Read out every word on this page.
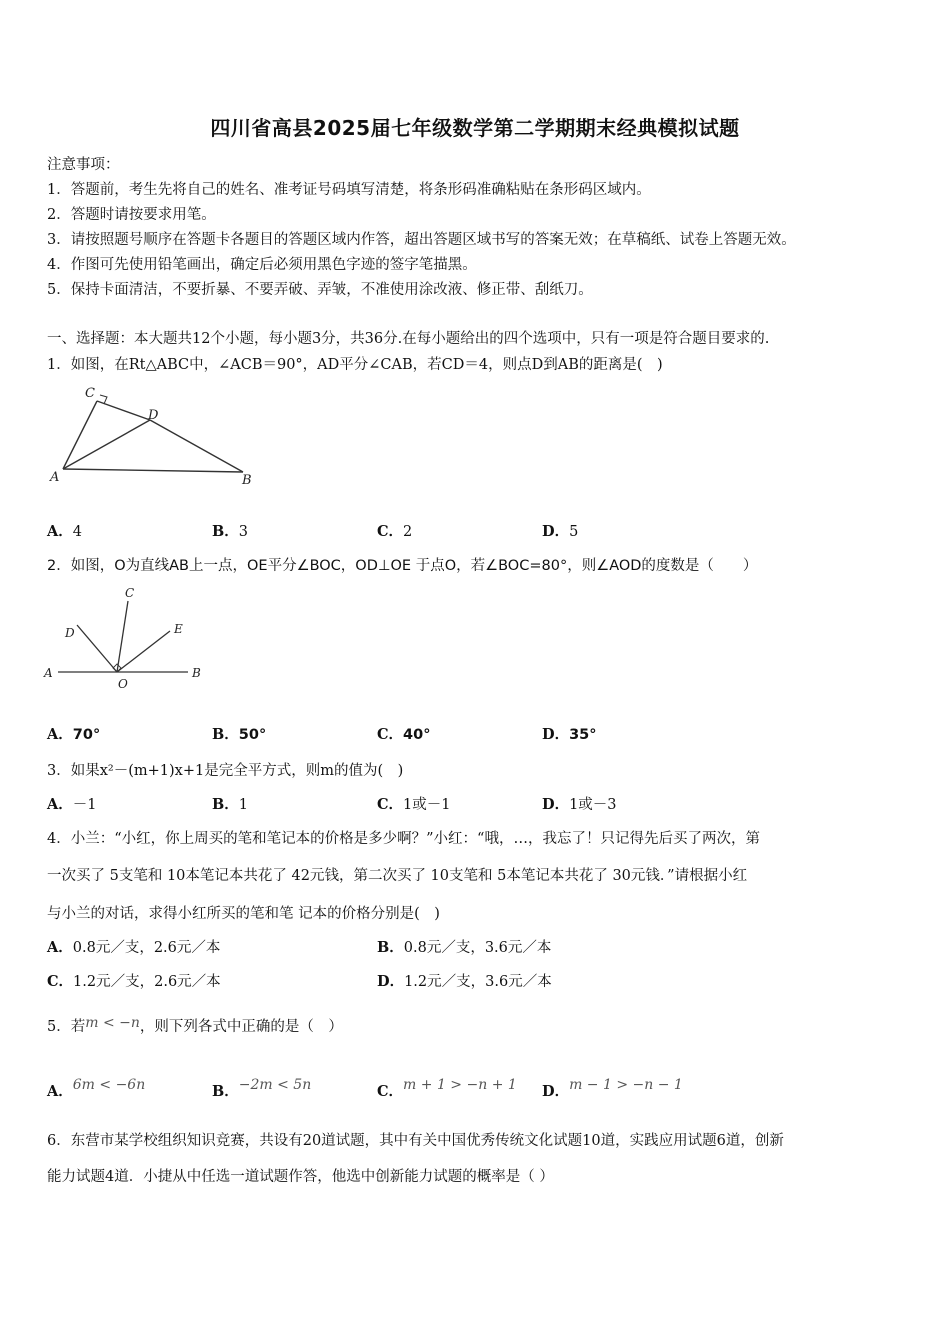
四川省高县2025届七年级数学第二学期期末经典模拟试题
注意事项：
1．答题前，考生先将自己的姓名、准考证号码填写清楚，将条形码准确粘贴在条形码区域内。
2．答题时请按要求用笔。
3．请按照题号顺序在答题卡各题目的答题区域内作答，超出答题区域书写的答案无效；在草稿纸、试卷上答题无效。
4．作图可先使用铅笔画出，确定后必须用黑色字迹的签字笔描黑。
5．保持卡面清洁，不要折暴、不要弄破、弄皱，不准使用涂改液、修正带、刮纸刀。
一、选择题：本大题共12个小题，每小题3分，共36分.在每小题给出的四个选项中，只有一项是符合题目要求的.
1．如图，在Rt△ABC中，∠ACB＝90°，AD平分∠CAB，若CD＝4，则点D到AB的距离是(　)
C
D
A	B
A．4	B．3	C．2	D．5
2．如图，O为直线AB上一点，OE平分∠BOC，OD⊥OE 于点O，若∠BOC=80°，则∠AOD的度数是（　　）
C
D	E
A
O
B
A．70°	B．50°	C．40°	D．35°
3．如果x²－(m+1)x+1是完全平方式，则m的值为(　)
A．－1	B．1	C．1或－1	D．1或－3
4．小兰：“小红，你上周买的笔和笔记本的价格是多少啊？”小红：“哦，…，我忘了！只记得先后买了两次，第
一次买了 5支笔和 10本笔记本共花了 42元钱，第二次买了 10支笔和 5本笔记本共花了 30元钱．”请根据小红
与小兰的对话，求得小红所买的笔和笔 记本的价格分别是(　)
A．0.8元／支，2.6元／本	B．0.8元／支，3.6元／本
C．1.2元／支，2.6元／本	D．1.2元／支，3.6元／本
5．若m < −n，则下列各式中正确的是（　）
A．6m < −6n	B．−2m < 5n	C．m + 1 > −n + 1 D．m − 1 > −n − 1
6．东营市某学校组织知识竞赛，共设有20道试题，其中有关中国优秀传统文化试题10道，实践应用试题6道，创新
能力试题4道．小捷从中任选一道试题作答，他选中创新能力试题的概率是（ ）
